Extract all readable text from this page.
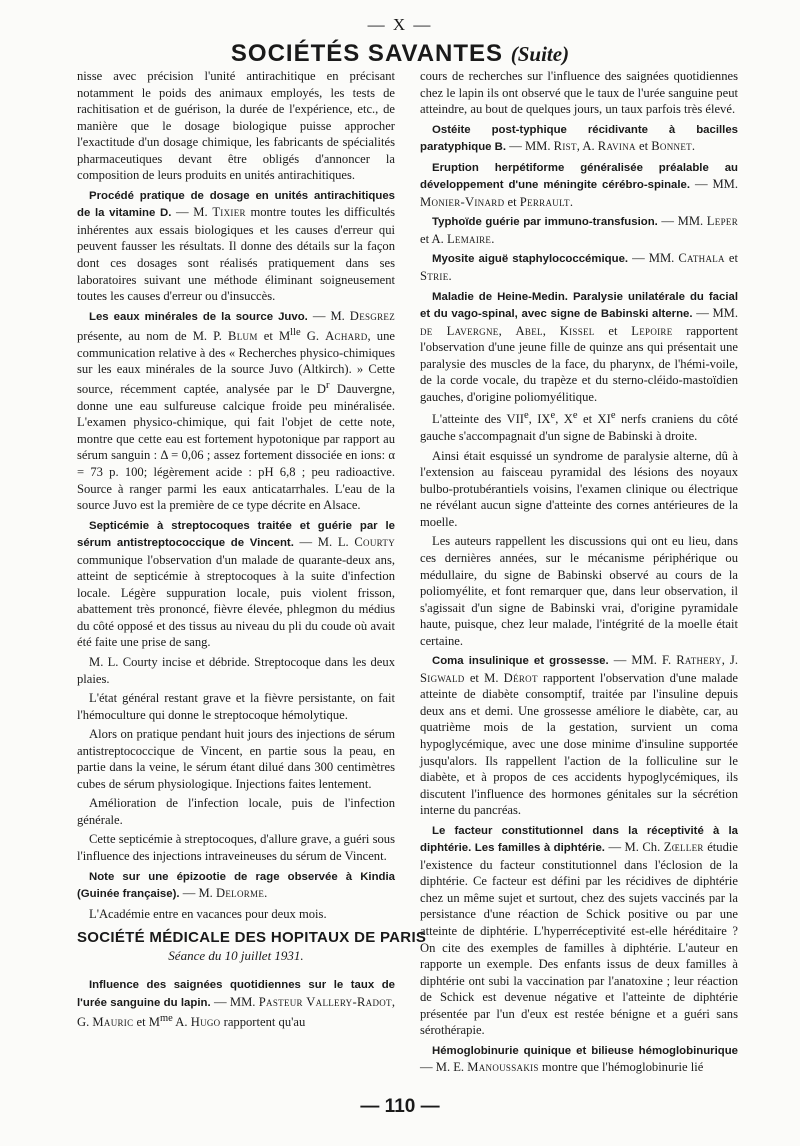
— X —
SOCIÉTÉS SAVANTES (Suite)

nisse avec précision l'unité antirachitique en précisant notamment le poids des animaux employés, les tests de rachitisation et de guérison, la durée de l'expérience, etc., de manière que le dosage biologique puisse approcher l'exactitude d'un dosage chimique, les fabricants de spécialités pharmaceutiques devant être obligés d'annoncer la composition de leurs produits en unités antirachitiques.

Procédé pratique de dosage en unités antirachitiques de la vitamine D. — M. Tixier montre toutes les difficultés inhérentes aux essais biologiques et les causes d'erreur qui peuvent fausser les résultats. Il donne des détails sur la façon dont ces dosages sont réalisés pratiquement dans ses laboratoires suivant une méthode éliminant soigneusement toutes les causes d'erreur ou d'insuccès.

Les eaux minérales de la source Juvo. — M. Desgrez présente, au nom de M. P. Blum et $M^{lle}$ G. Achard, une communication relative à des « Recherches physico-chimiques sur les eaux minérales de la source Juvo (Altkirch). » Cette source, récemment captée, analysée par le $D^r$ Dauvergne, donne une eau sulfureuse calcique froide peu minéralisée. L'examen physico-chimique, qui fait l'objet de cette note, montre que cette eau est fortement hypotonique par rapport au sérum sanguin : Δ = 0,06 ; assez fortement dissociée en ions: α = 73 p. 100; légèrement acide : pH 6,8 ; peu radioactive. Source à ranger parmi les eaux anticatarrhales. L'eau de la source Juvo est la première de ce type décrite en Alsace.

Septicémie à streptocoques traitée et guérie par le sérum antistreptococcique de Vincent. — M. L. Courty communique l'observation d'un malade de quarante-deux ans, atteint de septicémie à streptocoques à la suite d'infection locale. Légère suppuration locale, puis violent frisson, abattement très prononcé, fièvre élevée, phlegmon du médius du côté opposé et des tissus au niveau du pli du coude où avait été faite une prise de sang.

M. L. Courty incise et débride. Streptocoque dans les deux plaies.

L'état général restant grave et la fièvre persistante, on fait l'hémoculture qui donne le streptocoque hémolytique.

Alors on pratique pendant huit jours des injections de sérum antistreptococcique de Vincent, en partie sous la peau, en partie dans la veine, le sérum étant dilué dans 300 centimètres cubes de sérum physiologique. Injections faites lentement.

Amélioration de l'infection locale, puis de l'infection générale.

Cette septicémie à streptocoques, d'allure grave, a guéri sous l'influence des injections intraveineuses du sérum de Vincent.

Note sur une épizootie de rage observée à Kindia (Guinée française). — M. Delorme.

L'Académie entre en vacances pour deux mois.

SOCIÉTÉ MÉDICALE DES HOPITAUX DE PARIS
Séance du 10 juillet 1931.

Influence des saignées quotidiennes sur le taux de l'urée sanguine du lapin. — MM. Pasteur Vallery-Radot, G. Mauric et $M^{me}$ A. Hugo rapportent qu'au

cours de recherches sur l'influence des saignées quotidiennes chez le lapin ils ont observé que le taux de l'urée sanguine peut atteindre, au bout de quelques jours, un taux parfois très élevé.

Ostéite post-typhique récidivante à bacilles paratyphique B. — MM. Rist, A. Ravina et Bonnet.

Eruption herpétiforme généralisée préalable au développement d'une méningite cérébro-spinale. — MM. Monier-Vinard et Perrault.

Typhoïde guérie par immuno-transfusion. — MM. Leper et A. Lemaire.

Myosite aiguë staphylococcémique. — MM. Cathala et Strie.

Maladie de Heine-Medin. Paralysie unilatérale du facial et du vago-spinal, avec signe de Babinski alterne. — MM. de Lavergne, Abel, Kissel et Lepoire rapportent l'observation d'une jeune fille de quinze ans qui présentait une paralysie des muscles de la face, du pharynx, de l'hémi-voile, de la corde vocale, du trapèze et du sterno-cléido-mastoïdien gauches, d'origine poliomyélitique.

L'atteinte des VIIe, IXe, Xe et XIe nerfs craniens du côté gauche s'accompagnait d'un signe de Babinski à droite.

Ainsi était esquissé un syndrome de paralysie alterne, dû à l'extension au faisceau pyramidal des lésions des noyaux bulbo-protubérantiels voisins, l'examen clinique ou électrique ne révélant aucun signe d'atteinte des cornes antérieures de la moelle.

Les auteurs rappellent les discussions qui ont eu lieu, dans ces dernières années, sur le mécanisme périphérique ou médullaire, du signe de Babinski observé au cours de la poliomyélite, et font remarquer que, dans leur observation, il s'agissait d'un signe de Babinski vrai, d'origine pyramidale haute, puisque, chez leur malade, l'intégrité de la moelle était certaine.

Coma insulinique et grossesse. — MM. F. Rathery, J. Sigwald et M. Dérot rapportent l'observation d'une malade atteinte de diabète consomptif, traitée par l'insuline depuis deux ans et demi. Une grossesse améliore le diabète, car, au quatrième mois de la gestation, survient un coma hypoglycémique, avec une dose minime d'insuline supportée jusqu'alors. Ils rappellent l'action de la folliculine sur le diabète, et à propos de ces accidents hypoglycémiques, ils discutent l'influence des hormones génitales sur la sécrétion interne du pancréas.

Le facteur constitutionnel dans la réceptivité à la diphtérie. Les familles à diphtérie. — M. Ch. Zœller étudie l'existence du facteur constitutionnel dans l'éclosion de la diphtérie. Ce facteur est défini par les récidives de diphtérie chez un même sujet et surtout, chez des sujets vaccinés par la persistance d'une réaction de Schick positive ou par une atteinte de diphtérie. L'hyperréceptivité est-elle héréditaire ? On cite des exemples de familles à diphtérie. L'auteur en rapporte un exemple. Des enfants issus de deux familles à diphtérie ont subi la vaccination par l'anatoxine ; leur réaction de Schick est devenue négative et l'atteinte de diphtérie présentée par l'un d'eux est restée bénigne et a guéri sans sérothérapie.

Hémoglobinurie quinique et bilieuse hémoglobinurique — M. E. Manoussakis montre que l'hémoglobinurie lié

— 110 —
